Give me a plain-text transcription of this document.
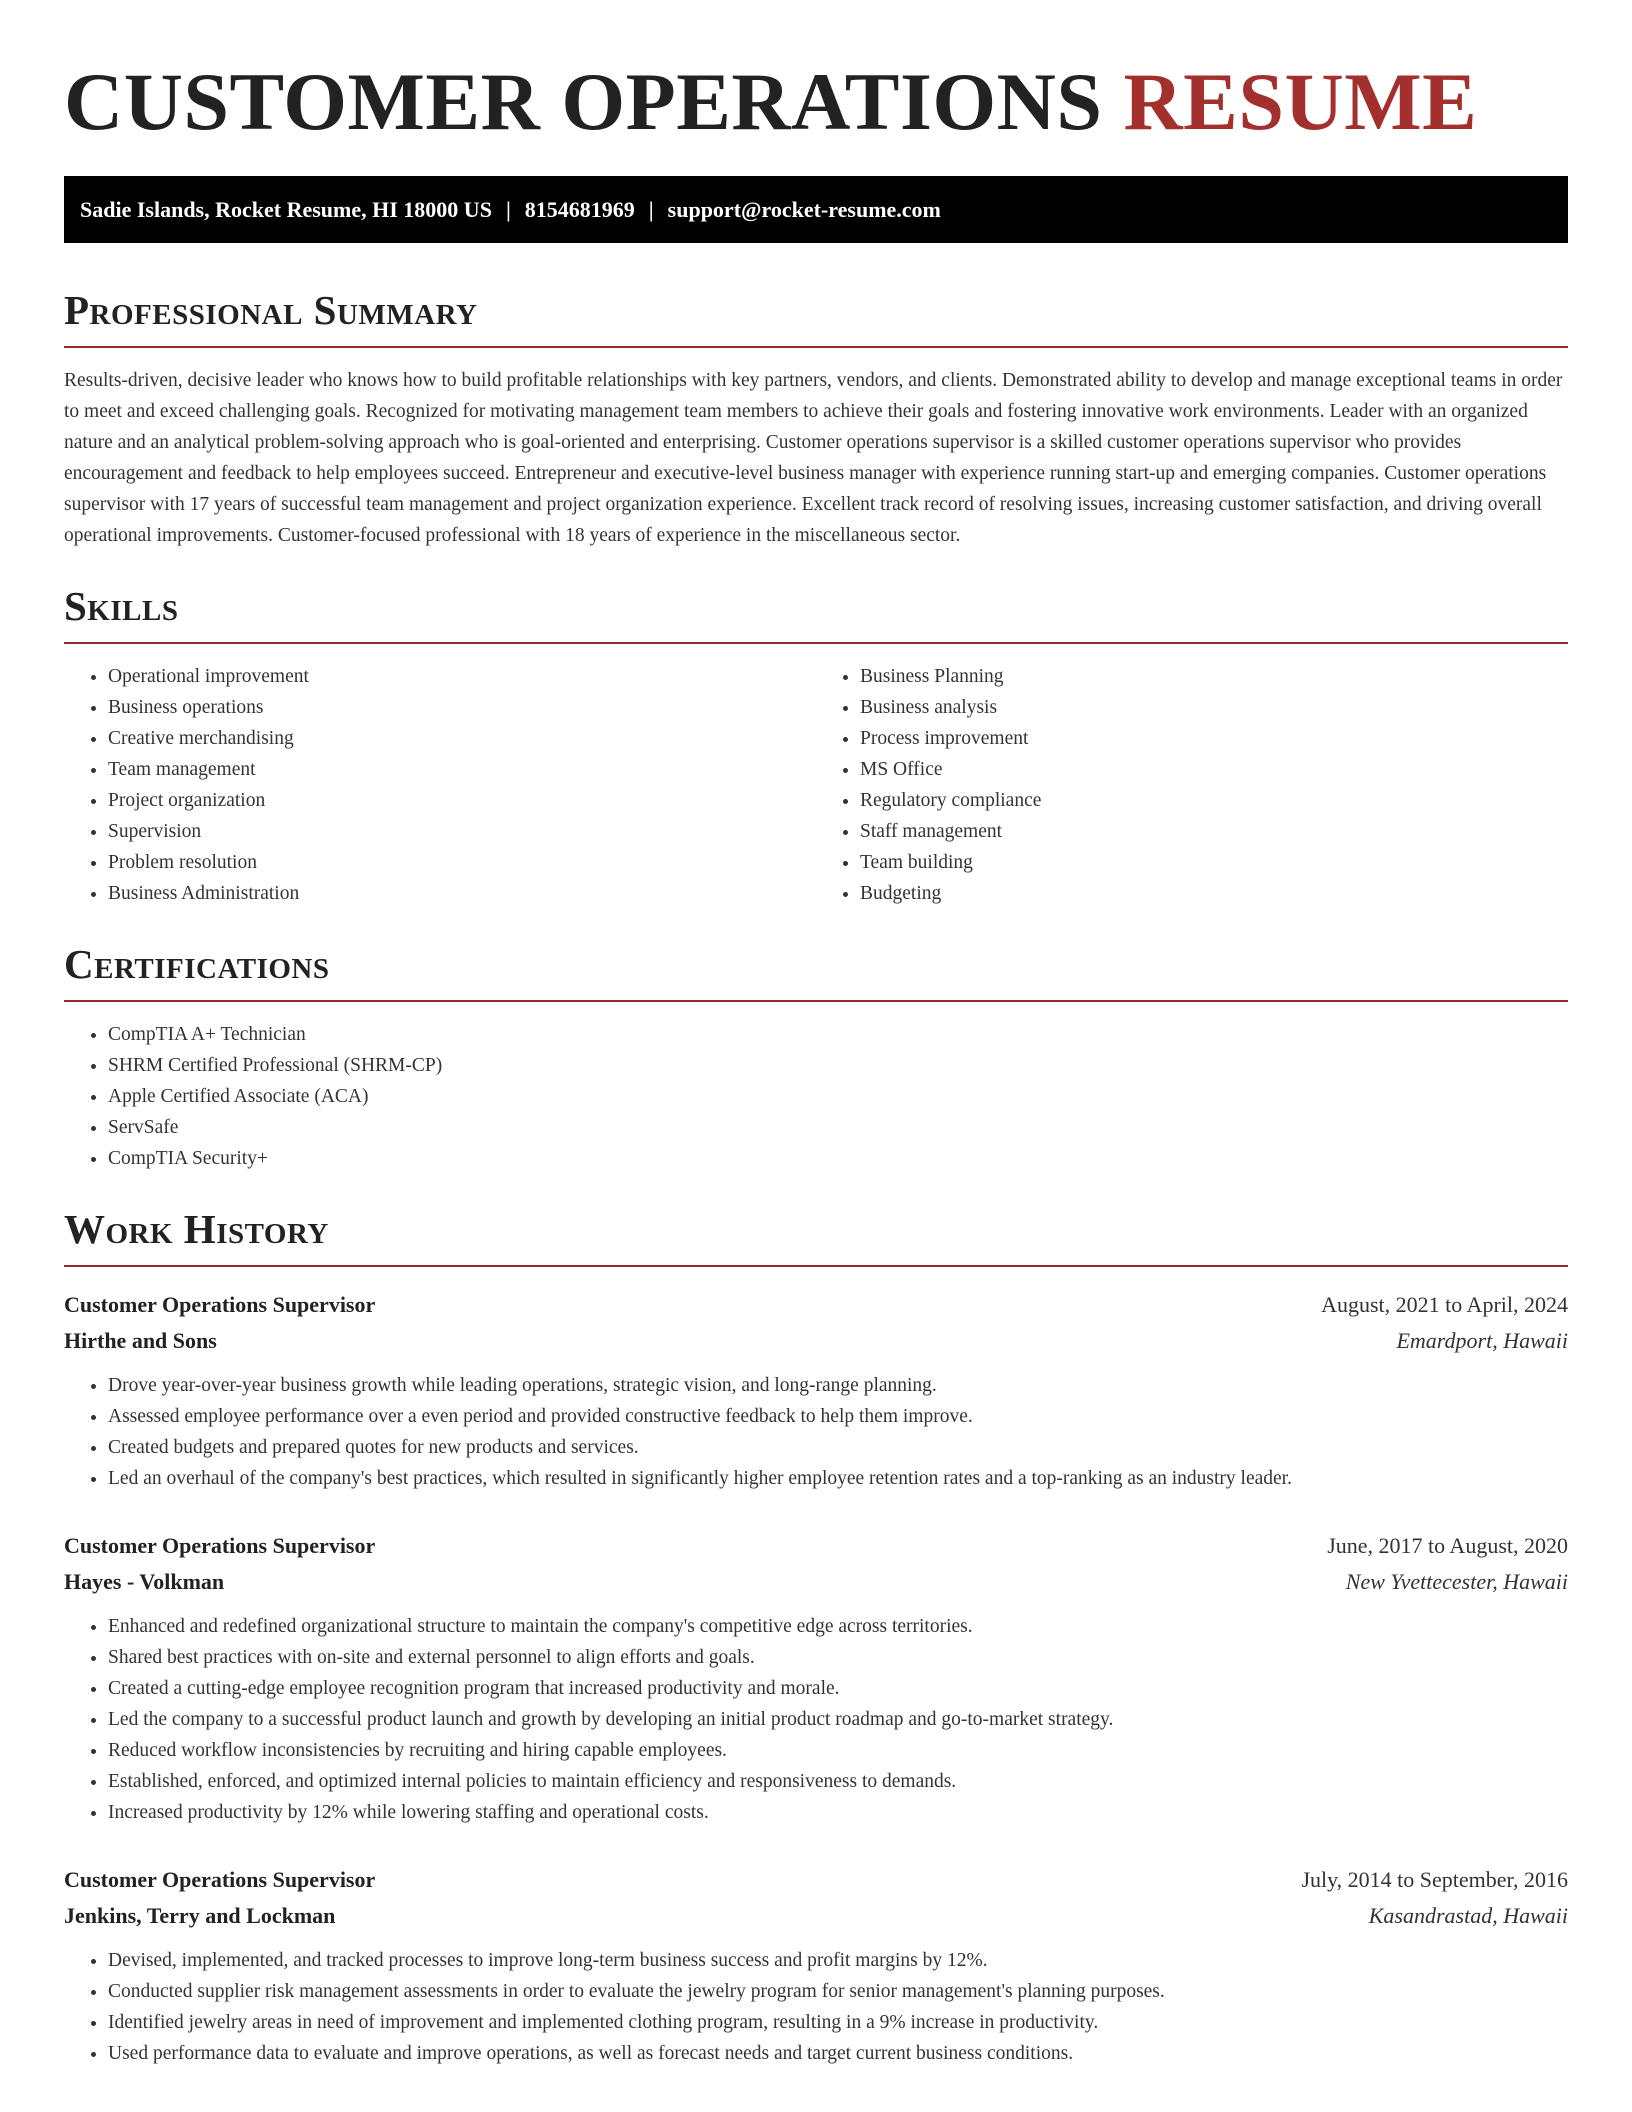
CUSTOMER OPERATIONS RESUME
Sadie Islands, Rocket Resume, HI 18000 US | 8154681969 | support@rocket-resume.com
Professional Summary

Results-driven, decisive leader who knows how to build profitable relationships with key partners, vendors, and clients. Demonstrated ability to develop and manage exceptional teams in order to meet and exceed challenging goals. Recognized for motivating management team members to achieve their goals and fostering innovative work environments. Leader with an organized nature and an analytical problem-solving approach who is goal-oriented and enterprising. Customer operations supervisor is a skilled customer operations supervisor who provides encouragement and feedback to help employees succeed. Entrepreneur and executive-level business manager with experience running start-up and emerging companies. Customer operations supervisor with 17 years of successful team management and project organization experience. Excellent track record of resolving issues, increasing customer satisfaction, and driving overall operational improvements. Customer-focused professional with 18 years of experience in the miscellaneous sector.

Skills
• Operational improvement
• Business operations
• Creative merchandising
• Team management
• Project organization
• Supervision
• Problem resolution
• Business Administration
• Business Planning
• Business analysis
• Process improvement
• MS Office
• Regulatory compliance
• Staff management
• Team building
• Budgeting
Certifications
• CompTIA A+ Technician
• SHRM Certified Professional (SHRM-CP)
• Apple Certified Associate (ACA)
• ServSafe
• CompTIA Security+
Work History
Customer Operations Supervisor	August, 2021 to April, 2024
Hirthe and Sons	Emardport, Hawaii
• Drove year-over-year business growth while leading operations, strategic vision, and long-range planning.
• Assessed employee performance over a even period and provided constructive feedback to help them improve.
• Created budgets and prepared quotes for new products and services.
• Led an overhaul of the company's best practices, which resulted in significantly higher employee retention rates and a top-ranking as an industry leader.
Customer Operations Supervisor	June, 2017 to August, 2020
Hayes - Volkman	New Yvettecester, Hawaii
• Enhanced and redefined organizational structure to maintain the company's competitive edge across territories.
• Shared best practices with on-site and external personnel to align efforts and goals.
• Created a cutting-edge employee recognition program that increased productivity and morale.
• Led the company to a successful product launch and growth by developing an initial product roadmap and go-to-market strategy.
• Reduced workflow inconsistencies by recruiting and hiring capable employees.
• Established, enforced, and optimized internal policies to maintain efficiency and responsiveness to demands.
• Increased productivity by 12% while lowering staffing and operational costs.
Customer Operations Supervisor	July, 2014 to September, 2016
Jenkins, Terry and Lockman	Kasandrastad, Hawaii
• Devised, implemented, and tracked processes to improve long-term business success and profit margins by 12%.
• Conducted supplier risk management assessments in order to evaluate the jewelry program for senior management's planning purposes.
• Identified jewelry areas in need of improvement and implemented clothing program, resulting in a 9% increase in productivity.
• Used performance data to evaluate and improve operations, as well as forecast needs and target current business conditions.
